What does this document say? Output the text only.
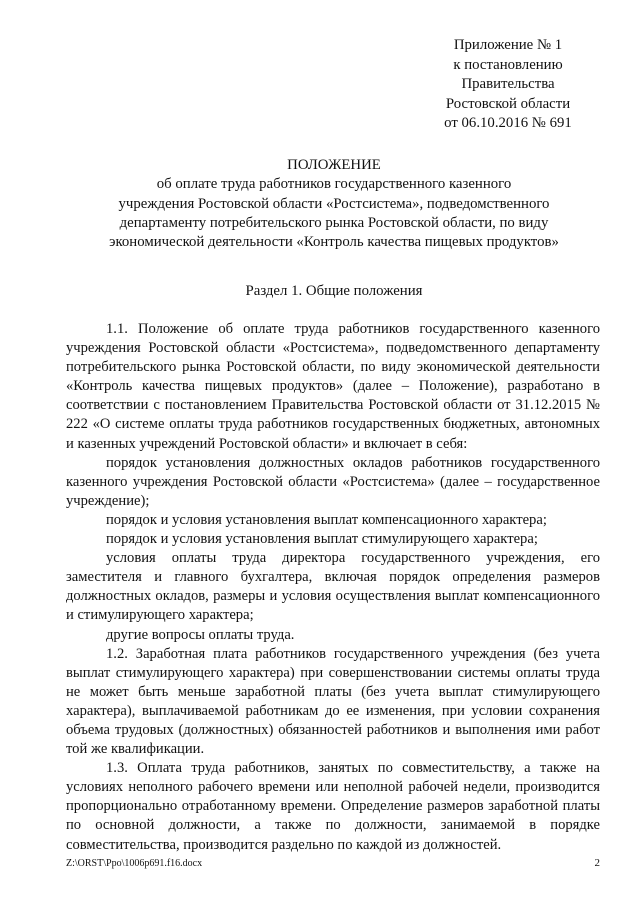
Приложение № 1
к постановлению
Правительства
Ростовской области
от 06.10.2016 № 691
ПОЛОЖЕНИЕ
об оплате труда работников государственного казенного
учреждения Ростовской области «Ростсистема», подведомственного
департаменту потребительского рынка Ростовской области, по виду
экономической деятельности «Контроль качества пищевых продуктов»
Раздел 1. Общие положения

1.1. Положение об оплате труда работников государственного казенного учреждения Ростовской области «Ростсистема», подведомственного департаменту потребительского рынка Ростовской области, по виду экономической деятельности «Контроль качества пищевых продуктов» (далее – Положение), разработано в соответствии с постановлением Правительства Ростовской области от 31.12.2015 № 222 «О системе оплаты труда работников государственных бюджетных, автономных и казенных учреждений Ростовской области» и включает в себя:

порядок установления должностных окладов работников государственного казенного учреждения Ростовской области «Ростсистема» (далее – государственное учреждение);

порядок и условия установления выплат компенсационного характера;

порядок и условия установления выплат стимулирующего характера;

условия оплаты труда директора государственного учреждения, его заместителя и главного бухгалтера, включая порядок определения размеров должностных окладов, размеры и условия осуществления выплат компенсационного и стимулирующего характера;

другие вопросы оплаты труда.

1.2. Заработная плата работников государственного учреждения (без учета выплат стимулирующего характера) при совершенствовании системы оплаты труда не может быть меньше заработной платы (без учета выплат стимулирующего характера), выплачиваемой работникам до ее изменения, при условии сохранения объема трудовых (должностных) обязанностей работников и выполнения ими работ той же квалификации.

1.3. Оплата труда работников, занятых по совместительству, а также на условиях неполного рабочего времени или неполной рабочей недели, производится пропорционально отработанному времени. Определение размеров заработной платы по основной должности, а также по должности, занимаемой в порядке совместительства, производится раздельно по каждой из должностей.

Z:\ORST\Ppo\1006p691.f16.docx	2
